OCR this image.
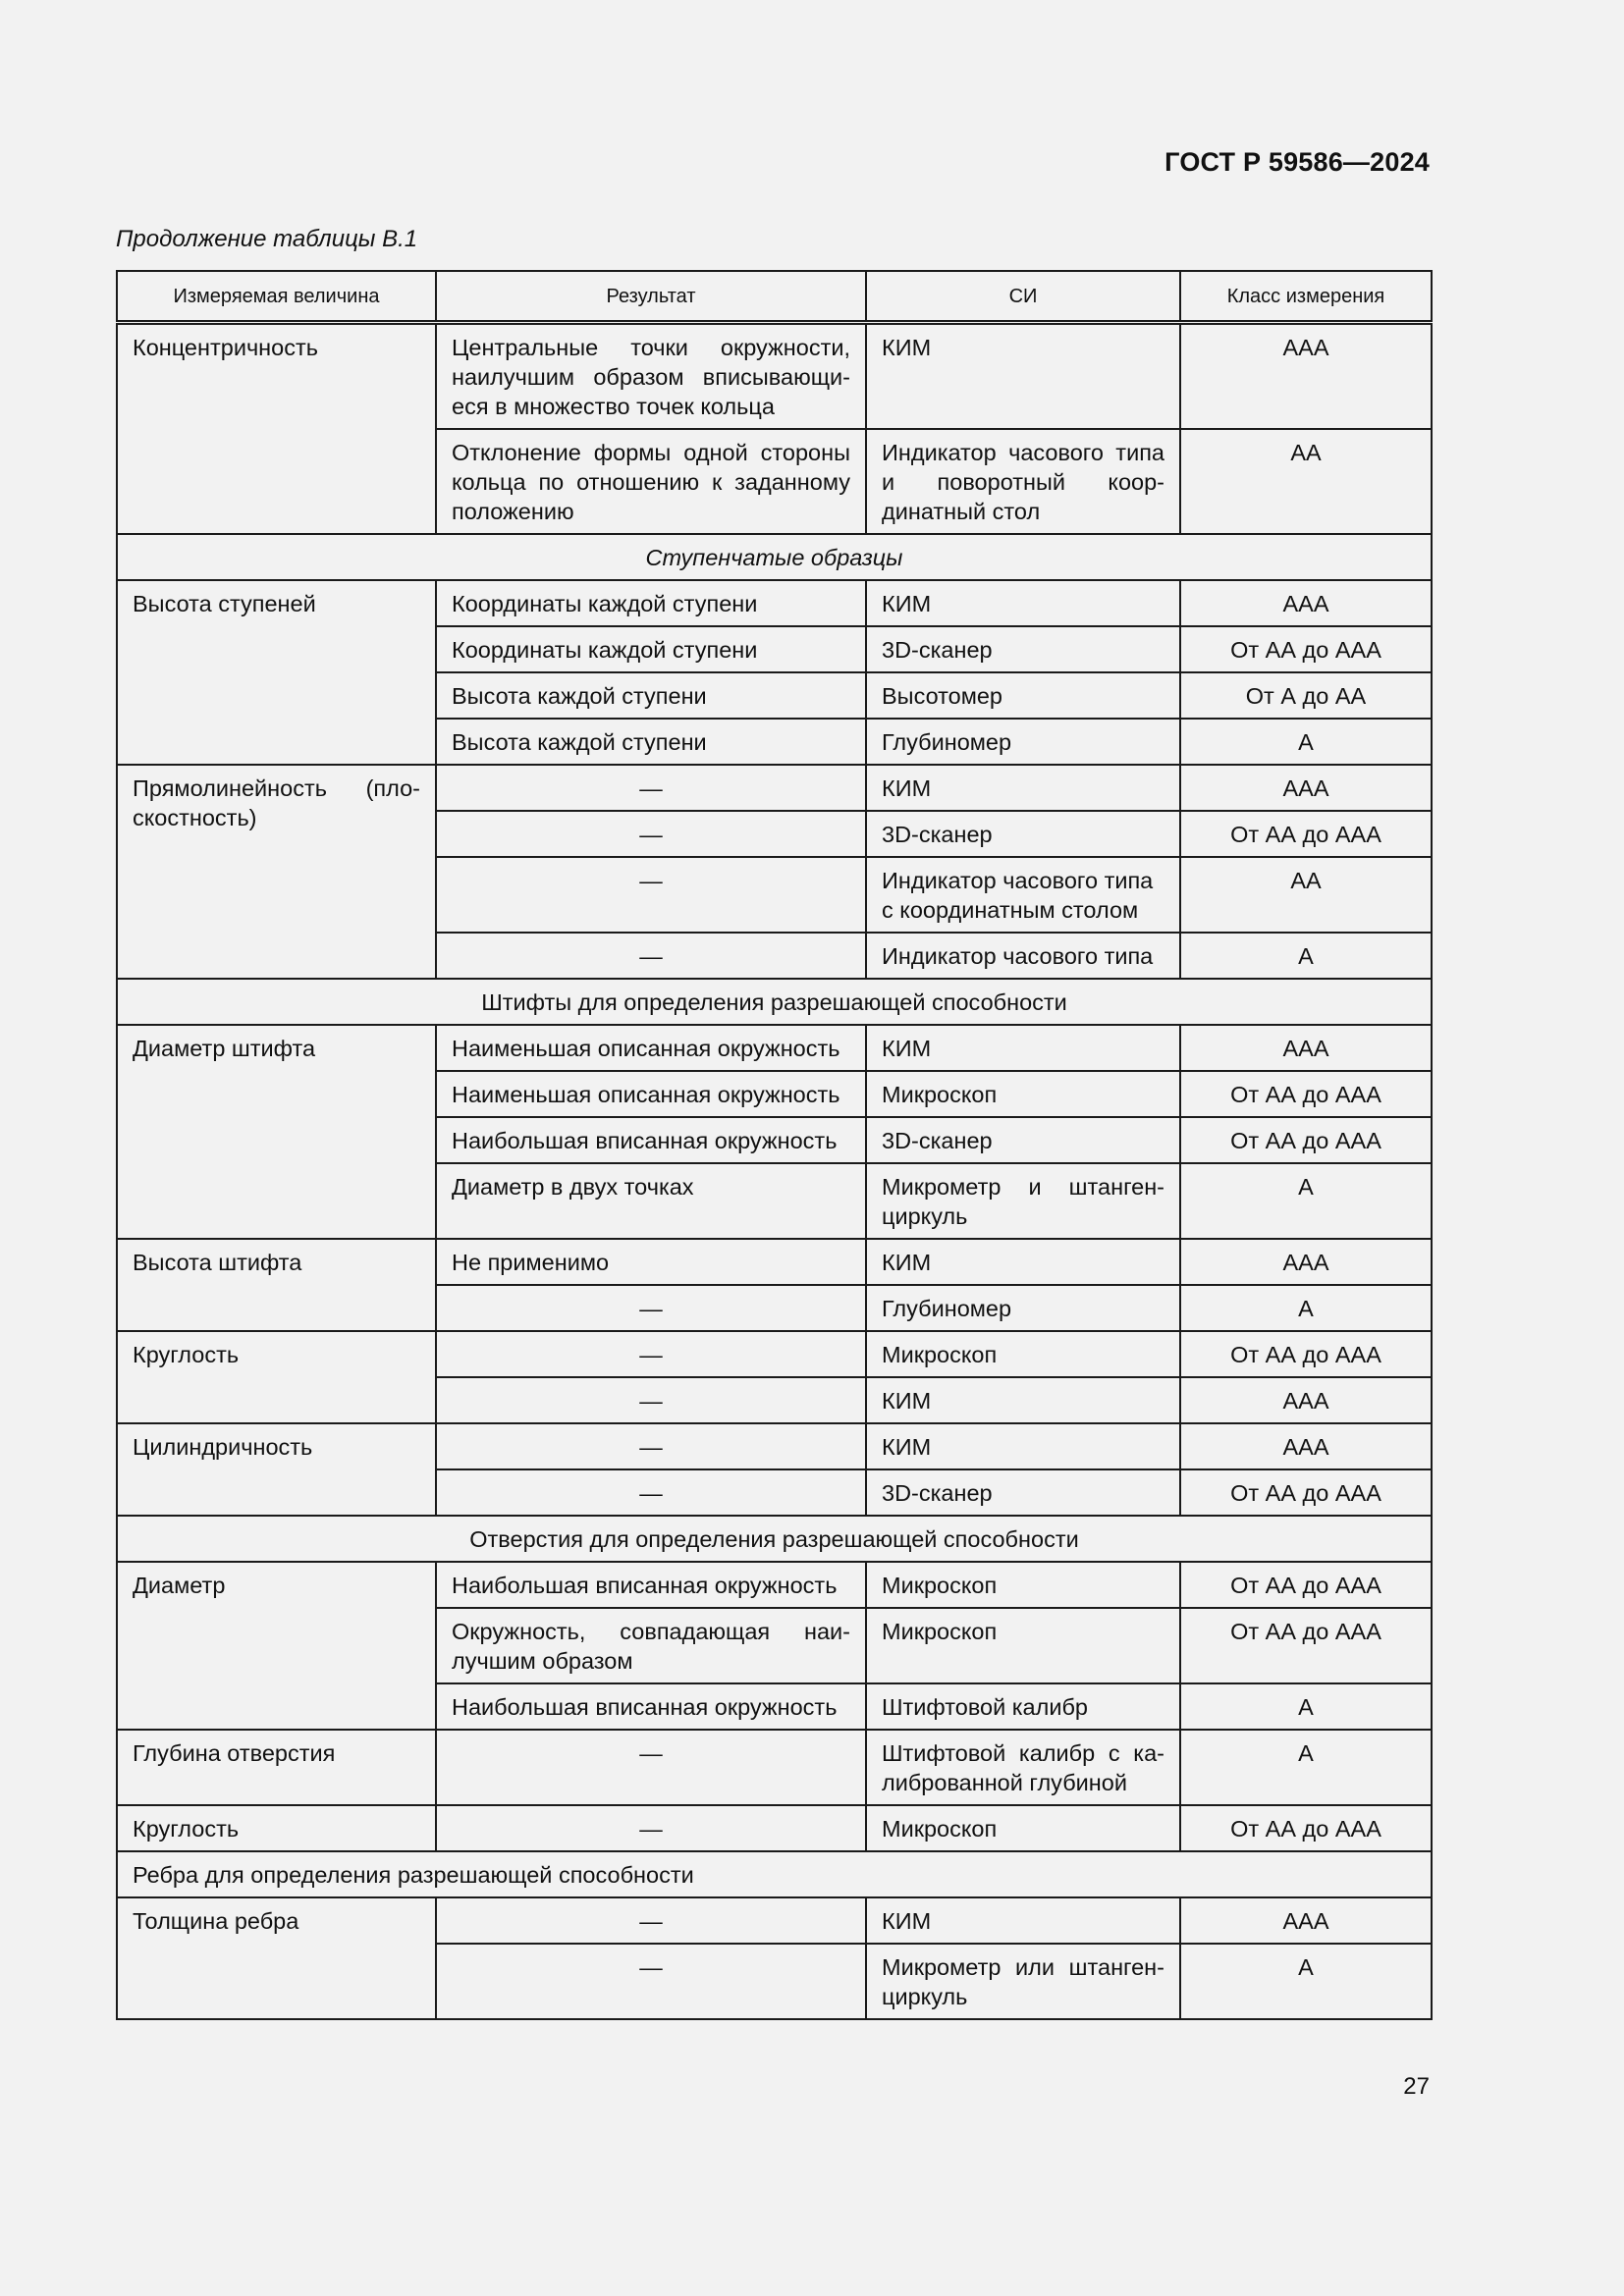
ГОСТ Р 59586—2024
Продолжение таблицы В.1
Измеряемая величина	Результат	СИ	Класс измерения
Концентричность	Центральные точки окружности, наилучшим образом вписывающиеся в множество точек кольца	КИМ	AAA
	Отклонение формы одной стороны кольца по отношению к заданному положению	Индикатор часового типа и поворотный координатный стол	AA
Ступенчатые образцы			
Высота ступеней	Координаты каждой ступени	КИМ	AAA
	Координаты каждой ступени	3D-сканер	От АА до ААА
	Высота каждой ступени	Высотомер	От А до АА
	Высота каждой ступени	Глубиномер	А
Прямолинейность (плоскостность)	—	КИМ	AAA
	—	3D-сканер	От АА до ААА
	—	Индикатор часового типа с координатным столом	AA
	—	Индикатор часового типа	A
Штифты для определения разрешающей способности			
Диаметр штифта	Наименьшая описанная окружность	КИМ	AAA
	Наименьшая описанная окружность	Микроскоп	От АА до ААА
	Наибольшая вписанная окружность	3D-сканер	От АА до ААА
	Диаметр в двух точках	Микрометр и штангенциркуль	A
Высота штифта	Не применимо	КИМ	AAA
	—	Глубиномер	A
Круглость	—	Микроскоп	От АА до ААА
	—	КИМ	AAA
Цилиндричность	—	КИМ	AAA
	—	3D-сканер	От АА до ААА
Отверстия для определения разрешающей способности			
Диаметр	Наибольшая вписанная окружность	Микроскоп	От АА до ААА
	Окружность, совпадающая наилучшим образом	Микроскоп	От АА до ААА
	Наибольшая вписанная окружность	Штифтовой калибр	A
Глубина отверстия	—	Штифтовой калибр с калиброванной глубиной	A
Круглость	—	Микроскоп	От АА до ААА
Ребра для определения разрешающей способности			
Толщина ребра	—	КИМ	AAA
	—	Микрометр или штангенциркуль	A
27
